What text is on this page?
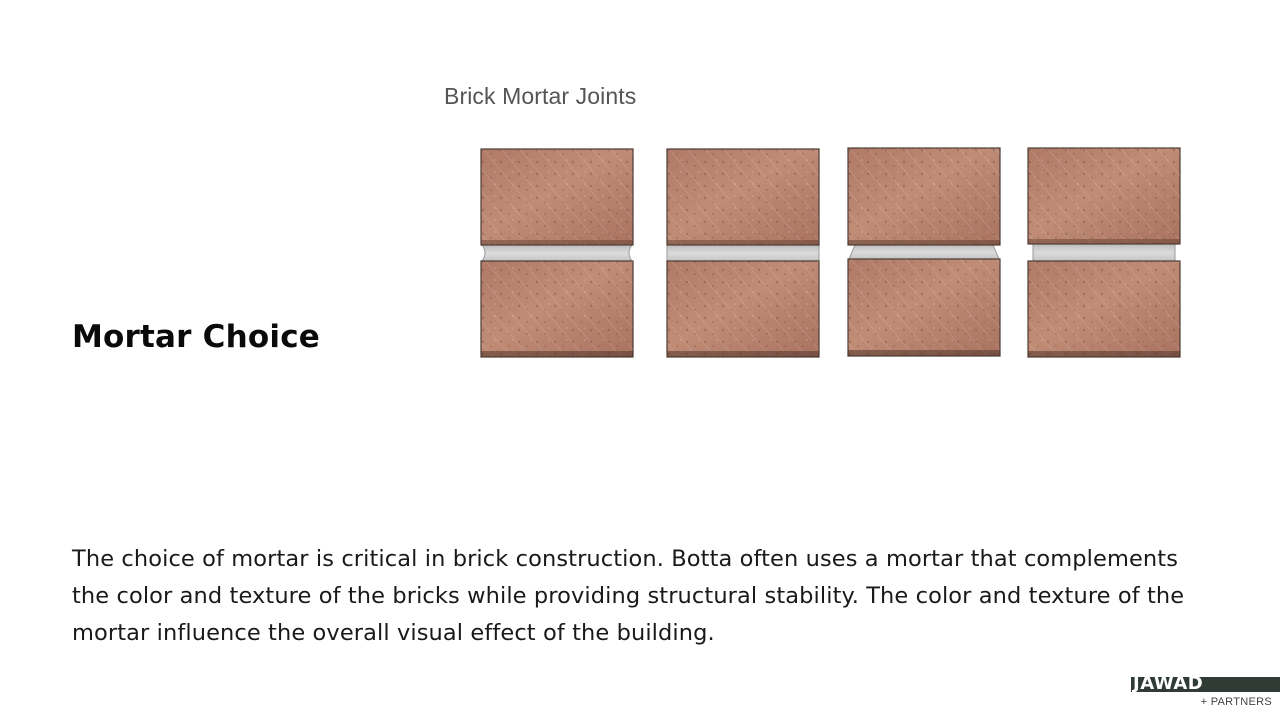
Brick Mortar Joints
Mortar Choice

The choice of mortar is critical in brick construction. Botta often uses a mortar that complements the color and texture of the bricks while providing structural stability. The color and texture of the mortar influence the overall visual effect of the building.

JAWAD
+ PARTNERS
